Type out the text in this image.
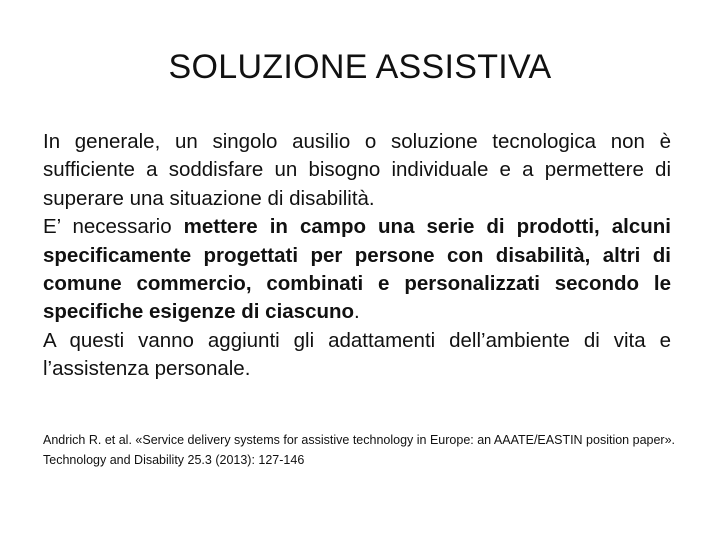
SOLUZIONE ASSISTIVA

In generale, un singolo ausilio o soluzione tecnologica non è sufficiente a soddisfare un bisogno individuale e a permettere di superare una situazione di disabilità.

E’ necessario mettere in campo una serie di prodotti, alcuni specificamente progettati per persone con disabilità, altri di comune commercio, combinati e personalizzati secondo le specifiche esigenze di ciascuno.

A questi vanno aggiunti gli adattamenti dell’ambiente di vita e l’assistenza personale.

Andrich R. et al. «Service delivery systems for assistive technology in Europe: an AAATE/EASTIN position paper». Technology and Disability 25.3 (2013): 127-146
